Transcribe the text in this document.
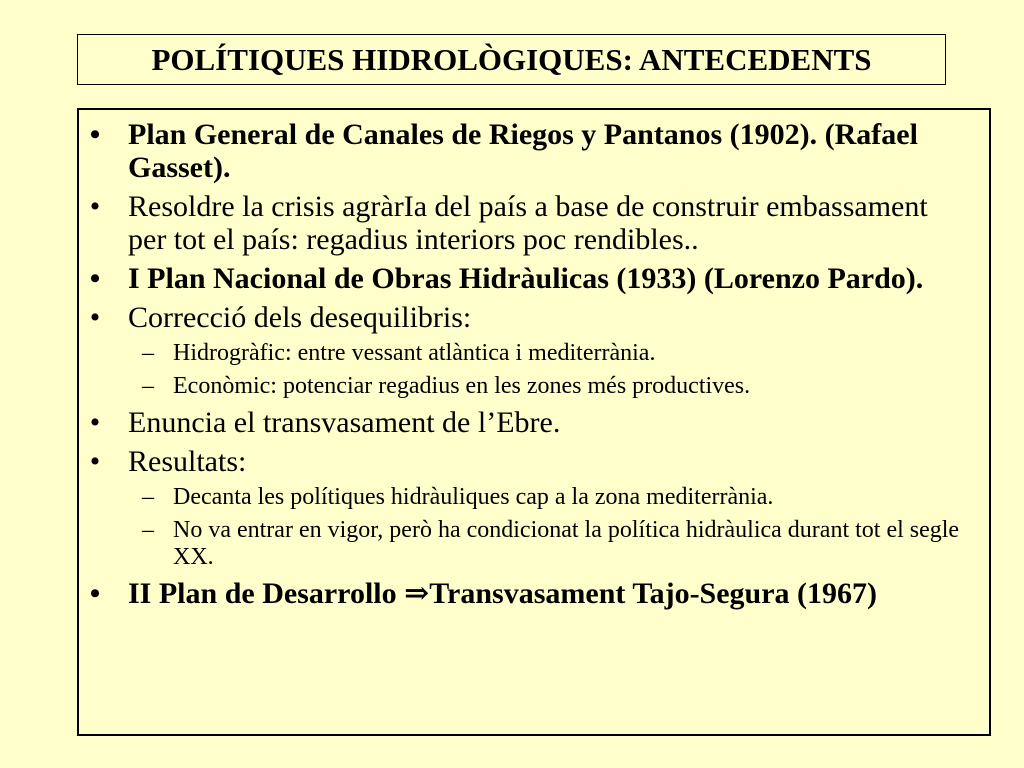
POLÍTIQUES HIDROLÒGIQUES: ANTECEDENTS
• Plan General de Canales de Riegos y Pantanos (1902). (Rafael Gasset).
• Resoldre la crisis agràrIa del país a base de construir embassament per tot el país: regadius interiors poc rendibles..
• I Plan Nacional de Obras Hidràulicas (1933) (Lorenzo Pardo).
• Correcció dels desequilibris:
– Hidrogràfic: entre vessant atlàntica i mediterrània.
– Econòmic: potenciar regadius en les zones més productives.
• Enuncia el transvasament de l’Ebre.
• Resultats:
– Decanta les polítiques hidràuliques cap a la zona mediterrània.
– No va entrar en vigor, però ha condicionat la política hidràulica durant tot el segle XX.
• II Plan de Desarrollo ⇒Transvasament Tajo-Segura (1967)
